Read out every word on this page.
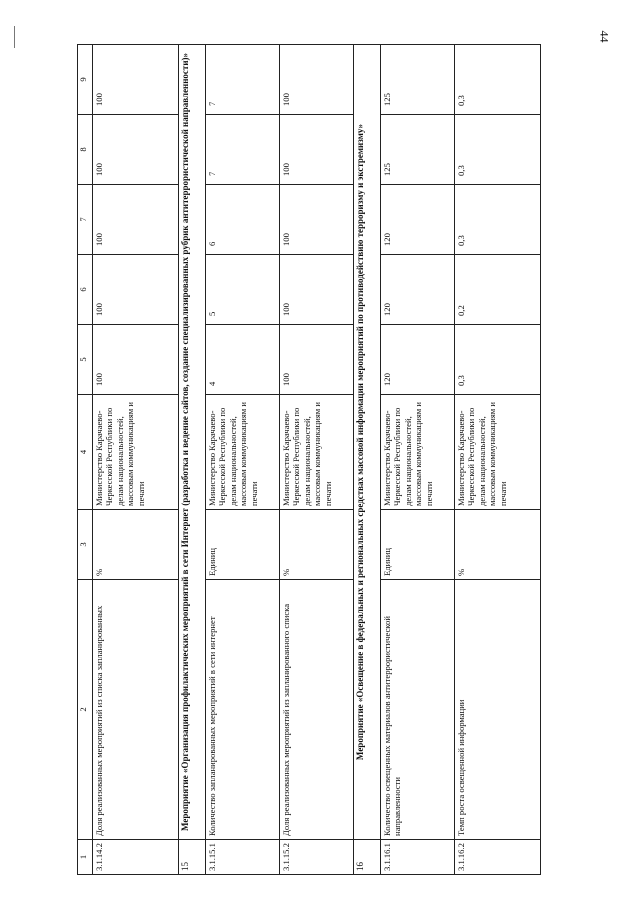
44
1	2	3	4	5	6	7	8	9
3.1.14.2	Доля реализованных мероприятий из списка запланированных	%	Министерство Карачаево-Черкесской Республики по делам национальностей, массовым коммуникациям и печати	100	100	100	100	100
15	Мероприятие «Организация профилактических мероприятий в сети Интернет (разработка и ведение сайтов, создание специализированных рубрик антитеррористической направленности)»							
3.1.15.1	Количество запланированных мероприятий в сети интернет	Единиц	Министерство Карачаево-Черкесской Республики по делам национальностей, массовым коммуникациям и печати	4	5	6	7	7
3.1.15.2	Доля реализованных мероприятий из запланированного списка	%	Министерство Карачаево-Черкесской Республики по делам национальностей, массовым коммуникациям и печати	100	100	100	100	100
16	Мероприятие «Освещение в федеральных и региональных средствах массовой информации мероприятий по противодействию терроризму и экстремизму»							
3.1.16.1	Количество освещенных материалов антитеррористической направленности	Единиц	Министерство Карачаево-Черкесской Республики по делам национальностей, массовым коммуникациям и печати	120	120	120	125	125
3.1.16.2	Темп роста освещенной информации	%	Министерство Карачаево-Черкесской Республики по делам национальностей, массовым коммуникациям и печати	0,3	0,2	0,3	0,3	0,3
